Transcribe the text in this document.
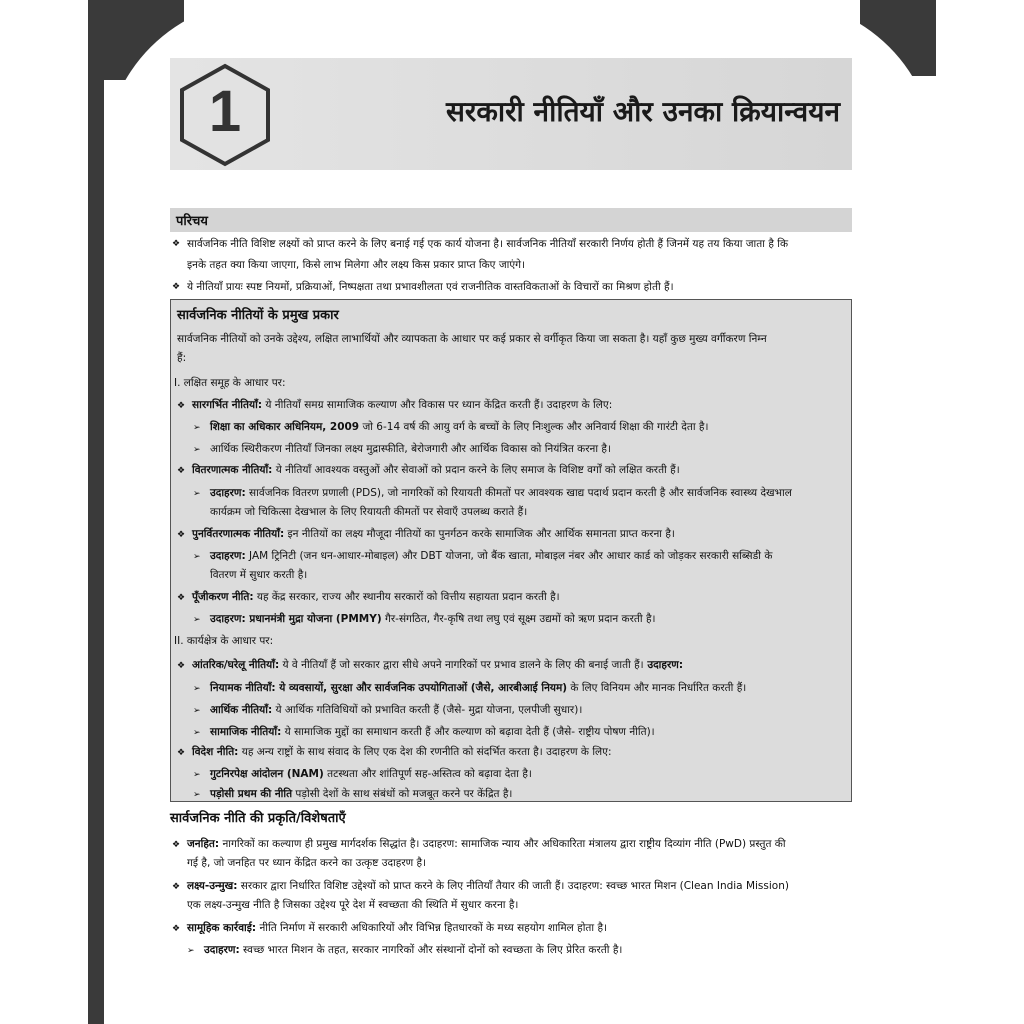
1	सरकारी नीतियाँ और उनका क्रियान्वयन
परिचय
❖ सार्वजनिक नीति विशिष्ट लक्ष्यों को प्राप्त करने के लिए बनाई गई एक कार्य योजना है। सार्वजनिक नीतियाँ सरकारी निर्णय होती हैं जिनमें यह तय किया जाता है कि
इनके तहत क्या किया जाएगा, किसे लाभ मिलेगा और लक्ष्य किस प्रकार प्राप्त किए जाएंगे।
❖ ये नीतियाँ प्रायः स्पष्ट नियमों, प्रक्रियाओं, निष्पक्षता तथा प्रभावशीलता एवं राजनीतिक वास्तविकताओं के विचारों का मिश्रण होती हैं।
सार्वजनिक नीतियों के प्रमुख प्रकार
सार्वजनिक नीतियों को उनके उद्देश्य, लक्षित लाभार्थियों और व्यापकता के आधार पर कई प्रकार से वर्गीकृत किया जा सकता है। यहाँ कुछ मुख्य वर्गीकरण निम्न
हैं:
I. लक्षित समूह के आधार पर:
❖ सारगर्भित नीतियाँ: ये नीतियाँ समग्र सामाजिक कल्याण और विकास पर ध्यान केंद्रित करती हैं। उदाहरण के लिए:
➢ शिक्षा का अधिकार अधिनियम, 2009 जो 6-14 वर्ष की आयु वर्ग के बच्चों के लिए निःशुल्क और अनिवार्य शिक्षा की गारंटी देता है।
➢ आर्थिक स्थिरीकरण नीतियाँ जिनका लक्ष्य मुद्रास्फीति, बेरोजगारी और आर्थिक विकास को नियंत्रित करना है।
❖ वितरणात्मक नीतियाँ: ये नीतियाँ आवश्यक वस्तुओं और सेवाओं को प्रदान करने के लिए समाज के विशिष्ट वर्गों को लक्षित करती हैं।
➢ उदाहरण: सार्वजनिक वितरण प्रणाली (PDS), जो नागरिकों को रियायती कीमतों पर आवश्यक खाद्य पदार्थ प्रदान करती है और सार्वजनिक स्वास्थ्य देखभाल
कार्यक्रम जो चिकित्सा देखभाल के लिए रियायती कीमतों पर सेवाएँ उपलब्ध कराते हैं।
❖ पुनर्वितरणात्मक नीतियाँ: इन नीतियों का लक्ष्य मौजूदा नीतियों का पुनर्गठन करके सामाजिक और आर्थिक समानता प्राप्त करना है।
➢ उदाहरण: JAM ट्रिनिटी (जन धन-आधार-मोबाइल) और DBT योजना, जो बैंक खाता, मोबाइल नंबर और आधार कार्ड को जोड़कर सरकारी सब्सिडी के
वितरण में सुधार करती है।
❖ पूँजीकरण नीति: यह केंद्र सरकार, राज्य और स्थानीय सरकारों को वित्तीय सहायता प्रदान करती है।
➢ उदाहरण: प्रधानमंत्री मुद्रा योजना (PMMY) गैर-संगठित, गैर-कृषि तथा लघु एवं सूक्ष्म उद्यमों को ऋण प्रदान करती है।
II. कार्यक्षेत्र के आधार पर:
❖ आंतरिक/घरेलू नीतियाँ: ये वे नीतियाँ हैं जो सरकार द्वारा सीधे अपने नागरिकों पर प्रभाव डालने के लिए की बनाई जाती हैं। उदाहरण:
➢ नियामक नीतियाँ: ये व्यवसायों, सुरक्षा और सार्वजनिक उपयोगिताओं (जैसे, आरबीआई नियम) के लिए विनियम और मानक निर्धारित करती हैं।
➢ आर्थिक नीतियाँ: ये आर्थिक गतिविधियों को प्रभावित करती हैं (जैसे- मुद्रा योजना, एलपीजी सुधार)।
➢ सामाजिक नीतियाँ: ये सामाजिक मुद्दों का समाधान करती हैं और कल्याण को बढ़ावा देती हैं (जैसे- राष्ट्रीय पोषण नीति)।
❖ विदेश नीति: यह अन्य राष्ट्रों के साथ संवाद के लिए एक देश की रणनीति को संदर्भित करता है। उदाहरण के लिए:
➢ गुटनिरपेक्ष आंदोलन (NAM) तटस्थता और शांतिपूर्ण सह-अस्तित्व को बढ़ावा देता है।
➢ पड़ोसी प्रथम की नीति पड़ोसी देशों के साथ संबंधों को मजबूत करने पर केंद्रित है।
सार्वजनिक नीति की प्रकृति/विशेषताएँ
❖ जनहित: नागरिकों का कल्याण ही प्रमुख मार्गदर्शक सिद्धांत है। उदाहरण: सामाजिक न्याय और अधिकारिता मंत्रालय द्वारा राष्ट्रीय दिव्यांग नीति (PwD) प्रस्तुत की
गई है, जो जनहित पर ध्यान केंद्रित करने का उत्कृष्ट उदाहरण है।
❖ लक्ष्य-उन्मुख: सरकार द्वारा निर्धारित विशिष्ट उद्देश्यों को प्राप्त करने के लिए नीतियाँ तैयार की जाती हैं। उदाहरण: स्वच्छ भारत मिशन (Clean India Mission)
एक लक्ष्य-उन्मुख नीति है जिसका उद्देश्य पूरे देश में स्वच्छता की स्थिति में सुधार करना है।
❖ सामूहिक कार्रवाई: नीति निर्माण में सरकारी अधिकारियों और विभिन्न हितधारकों के मध्य सहयोग शामिल होता है।
➢ उदाहरण: स्वच्छ भारत मिशन के तहत, सरकार नागरिकों और संस्थानों दोनों को स्वच्छता के लिए प्रेरित करती है।
